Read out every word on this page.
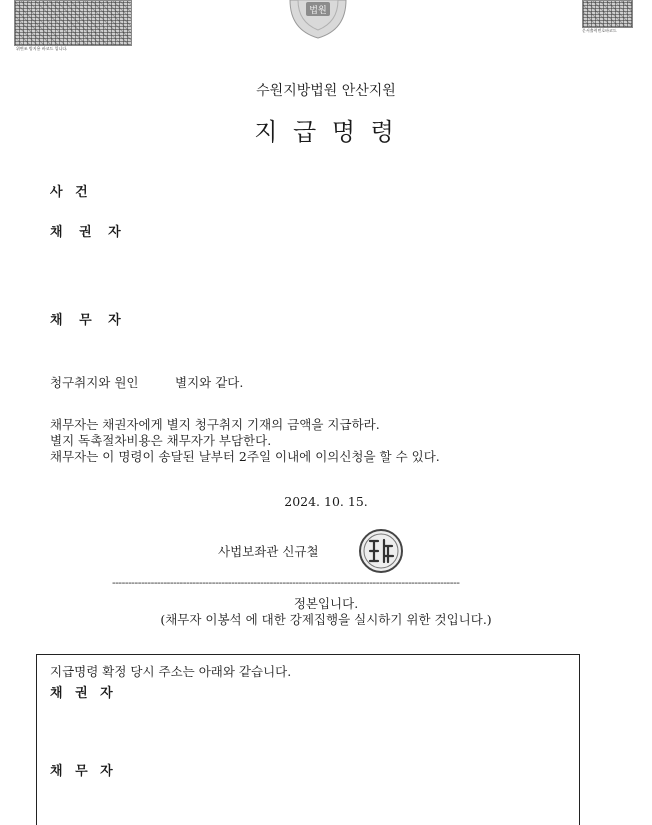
위변조 방지용 바코드 입니다.
법원
문서출력번호바코드
수원지방법원 안산지원
지 급 명 령
사 건
채 권 자
채 무 자
청구취지와 원인	별지와 같다.
채무자는 채권자에게 별지 청구취지 기재의 금액을 지급하라.
별지 독촉절차비용은 채무자가 부담한다.
채무자는 이 명령이 송달된 날부터 2주일 이내에 이의신청을 할 수 있다.
2024. 10. 15.
사법보좌관 신규철
------------------------------------------------------------------------------------------------------------
정본입니다.
(채무자 이봉석 에 대한 강제집행을 실시하기 위한 것입니다.)
지급명령 확정 당시 주소는 아래와 같습니다.
채 권 자
채 무 자
